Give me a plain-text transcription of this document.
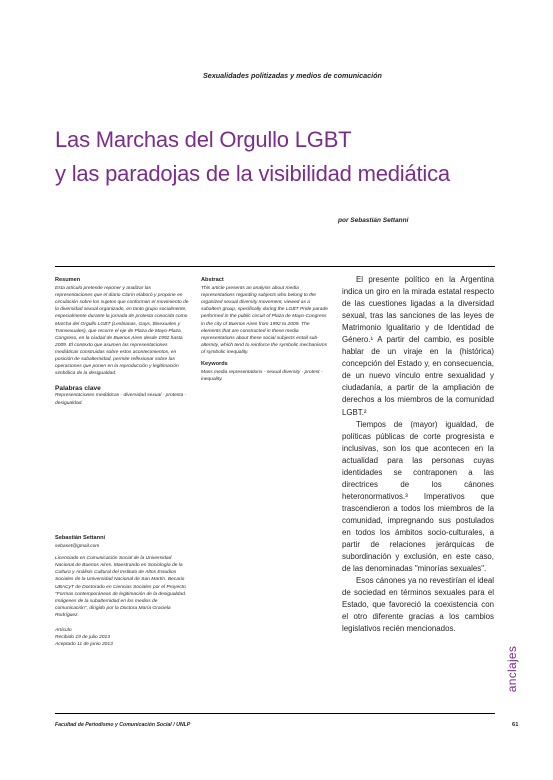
Sexualidades politizadas y medios de comunicación
Las Marchas del Orgullo LGBT
y las paradojas de la visibilidad mediática
por Sebastián Settanni
Resumen

Esta artículo pretende reponer y analizar las representaciones que el diario Clarín elaboró y propone en circulación sobre los sujetos que conforman el movimiento de la diversidad sexual organizado, en tanto grupo socialmente, especialmente durante la jornada de protesta conocida como Marcha del Orgullo LGBT (Lesbianas, Gays, Bisexuales y Transexuales), que recorre el eje de Plaza de Mayo-Plaza Congreso, en la ciudad de Buenos Aires desde 1992 hasta 2009. El contexto que asumen las representaciones mediáticas construidas sobre estos acontecimientos, en posición de subalternidad, permite reflexionar sobre las operaciones que ponen en la reproducción y legitimación simbólica de la desigualdad.

Palabras clave

Representaciones mediáticas - diversidad sexual - protesta - desigualdad.

Sebastián Settanni

sebaset@gmail.com

Licenciado en Comunicación Social de la Universidad Nacional de Buenos Aires. Maestrando en Sociología de la Cultura y Análisis Cultural del Instituto de Altos Estudios Sociales de la Universidad Nacional de San Martín. Becario UBACyT de Doctorado en Ciencias Sociales por el Proyecto "Formas contemporáneas de legitimación de la desigualdad. Imágenes de la subalternidad en los medios de comunicación", dirigido por la Doctora María Graciela Rodríguez.

Artículo

Recibido 19 de julio 2013

Aceptado 11 de junio 2013

Abstract

This article presents an analysis about media representations regarding subjects who belong to the organized sexual diversity movement, viewed as a subaltern group, specifically during the LGBT Pride parade performed in the public circuit of Plaza de Mayo-Congress in the city of Buenos Aires from 1992 to 2009. The elements that are constructed in these media representations about these social subjects entail sub-alternity, which tend to reinforce the symbolic mechanisms of symbolic inequality.

Keywords

Mass media representations - sexual diversity - protest - inequality.

El presente político en la Argentina indica un giro en la mirada estatal respecto de las cuestiones ligadas a la diversidad sexual, tras las sanciones de las leyes de Matrimonio Igualitario y de Identidad de Género.¹ A partir del cambio, es posible hablar de un viraje en la (histórica) concepción del Estado y, en consecuencia, de un nuevo vínculo entre sexualidad y ciudadanía, a partir de la ampliación de derechos a los miembros de la comunidad LGBT.²

Tiempos de (mayor) igualdad, de políticas públicas de corte progresista e inclusivas, son los que acontecen en la actualidad para las personas cuyas identidades se contraponen a las directrices de los cánones heteronormativos.³ Imperativos que trascendieron a todos los miembros de la comunidad, impregnando sus postulados en todos los ámbitos socio-culturales, a partir de relaciones jerárquicas de subordinación y exclusión, en este caso, de las denominadas "minorías sexuales".

Esos cánones ya no revestirían el ideal de sociedad en términos sexuales para el Estado, que favoreció la coexistencia con el otro diferente gracias a los cambios legislativos recién mencionados.

anclajes
Facultad de Periodismo y Comunicación Social / UNLP	61
